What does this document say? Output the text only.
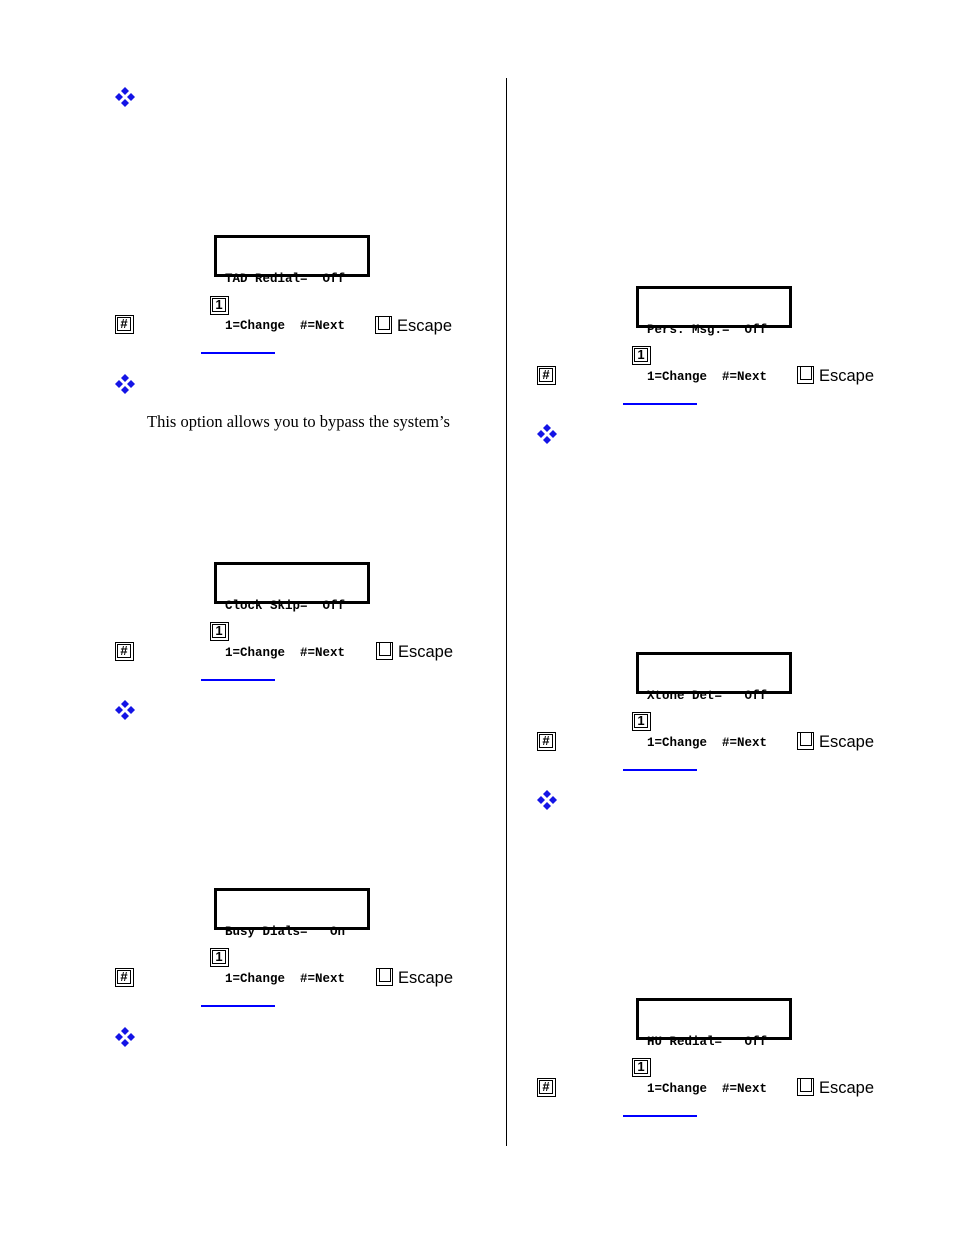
This option allows you to bypass the system’s

TAD Redial=  Off

1=Change  #=Next

Clock Skip=  Off

1=Change  #=Next

Busy Dials=   On

1=Change  #=Next

Pers. Msg.=  Off

1=Change  #=Next

Xtone Det=   Off

1=Change  #=Next

HU Redial=   Off

1=Change  #=Next

1
1
1
1
1
1
#
#
#
#
#
#
Escape
Escape
Escape
Escape
Escape
Escape
